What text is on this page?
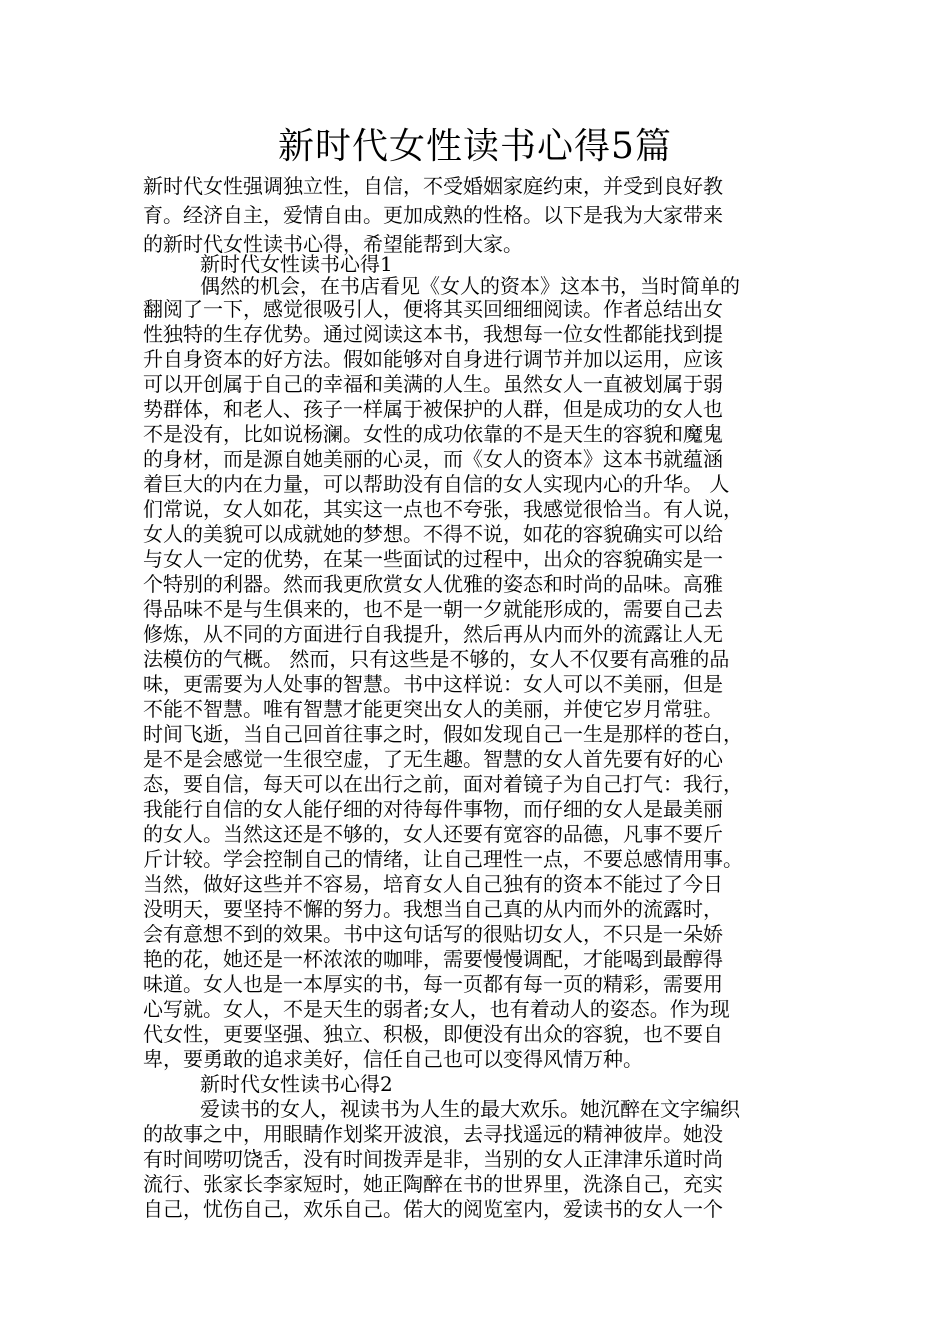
新时代女性读书心得5篇
新时代女性强调独立性，自信，不受婚姻家庭约束，并受到良好教
育。经济自主，爱情自由。更加成熟的性格。以下是我为大家带来
的新时代女性读书心得，希望能帮到大家。
新时代女性读书心得1
偶然的机会，在书店看见《女人的资本》这本书，当时简单的
翻阅了一下，感觉很吸引人，便将其买回细细阅读。作者总结出女
性独特的生存优势。通过阅读这本书，我想每一位女性都能找到提
升自身资本的好方法。假如能够对自身进行调节并加以运用，应该
可以开创属于自己的幸福和美满的人生。虽然女人一直被划属于弱
势群体，和老人、孩子一样属于被保护的人群，但是成功的女人也
不是没有，比如说杨澜。女性的成功依靠的不是天生的容貌和魔鬼
的身材，而是源自她美丽的心灵，而《女人的资本》这本书就蕴涵
着巨大的内在力量，可以帮助没有自信的女人实现内心的升华。 人
们常说，女人如花，其实这一点也不夸张，我感觉很恰当。有人说，
女人的美貌可以成就她的梦想。不得不说，如花的容貌确实可以给
与女人一定的优势，在某一些面试的过程中，出众的容貌确实是一
个特别的利器。然而我更欣赏女人优雅的姿态和时尚的品味。高雅
得品味不是与生俱来的，也不是一朝一夕就能形成的，需要自己去
修炼，从不同的方面进行自我提升，然后再从内而外的流露让人无
法模仿的气概。 然而，只有这些是不够的，女人不仅要有高雅的品
味，更需要为人处事的智慧。书中这样说：女人可以不美丽，但是
不能不智慧。唯有智慧才能更突出女人的美丽，并使它岁月常驻。
时间飞逝，当自己回首往事之时，假如发现自己一生是那样的苍白，
是不是会感觉一生很空虚，了无生趣。智慧的女人首先要有好的心
态，要自信，每天可以在出行之前，面对着镜子为自己打气：我行，
我能行自信的女人能仔细的对待每件事物，而仔细的女人是最美丽
的女人。当然这还是不够的，女人还要有宽容的品德，凡事不要斤
斤计较。学会控制自己的情绪，让自己理性一点，不要总感情用事。
当然，做好这些并不容易，培育女人自己独有的资本不能过了今日
没明天，要坚持不懈的努力。我想当自己真的从内而外的流露时，
会有意想不到的效果。书中这句话写的很贴切女人，不只是一朵娇
艳的花，她还是一杯浓浓的咖啡，需要慢慢调配，才能喝到最醇得
味道。女人也是一本厚实的书，每一页都有每一页的精彩，需要用
心写就。女人，不是天生的弱者;女人，也有着动人的姿态。作为现
代女性，更要坚强、独立、积极，即便没有出众的容貌，也不要自
卑，要勇敢的追求美好，信任自己也可以变得风情万种。
新时代女性读书心得2
爱读书的女人，视读书为人生的最大欢乐。她沉醉在文字编织
的故事之中，用眼睛作划桨开波浪，去寻找遥远的精神彼岸。她没
有时间唠叨饶舌，没有时间拨弄是非，当别的女人正津津乐道时尚
流行、张家长李家短时，她正陶醉在书的世界里，洗涤自己，充实
自己，忧伤自己，欢乐自己。偌大的阅览室内，爱读书的女人一个
